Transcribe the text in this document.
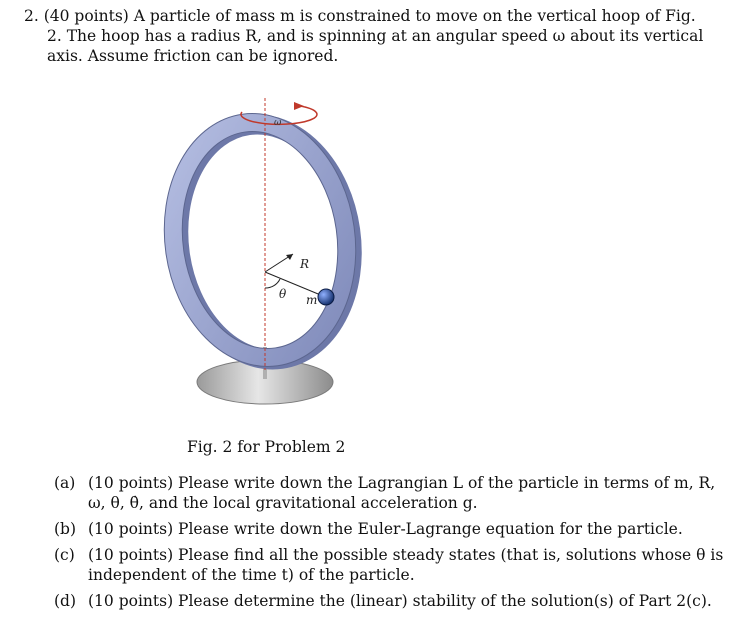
2. (40 points) A particle of mass m is constrained to move on the vertical hoop of Fig.
2. The hoop has a radius R, and is spinning at an angular speed ω about its vertical
axis. Assume friction can be ignored.
ω
R
θ m
Fig. 2 for Problem 2
(a) (10 points) Please write down the Lagrangian L of the particle in terms of m, R,
ω, θ, θ̇, and the local gravitational acceleration g.
(b) (10 points) Please write down the Euler-Lagrange equation for the particle.
(c) (10 points) Please find all the possible steady states (that is, solutions whose θ is
independent of the time t) of the particle.
(d) (10 points) Please determine the (linear) stability of the solution(s) of Part 2(c).
